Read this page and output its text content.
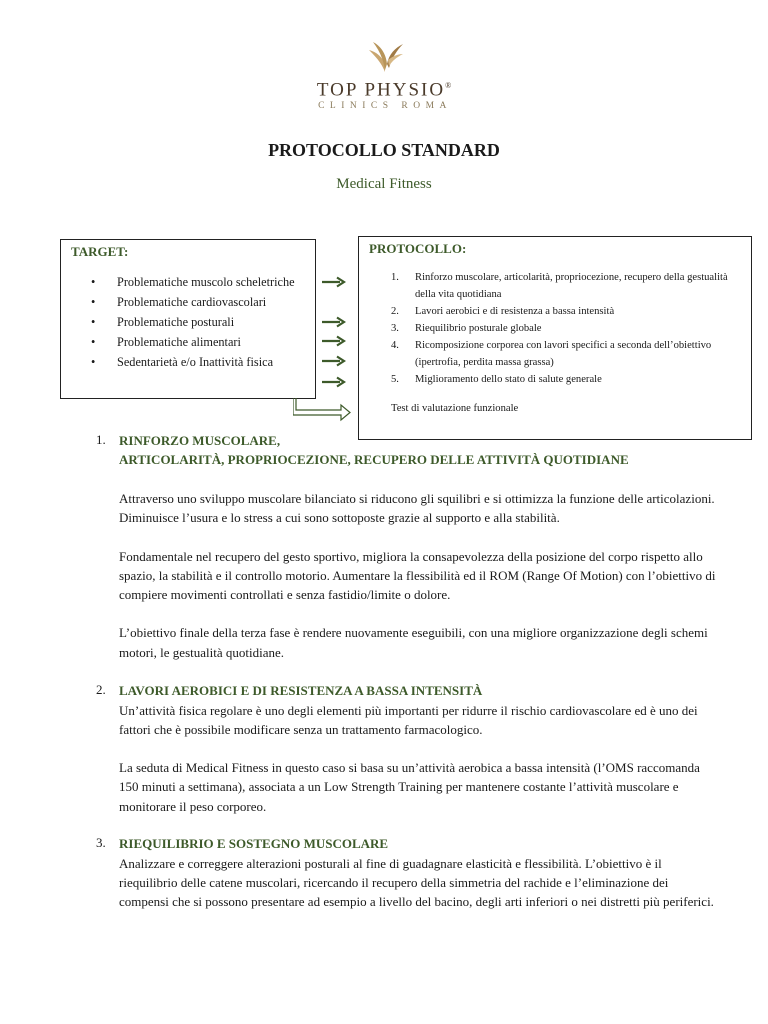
TOP PHYSIO®
CLINICS ROMA
PROTOCOLLO STANDARD
Medical Fitness
TARGET:
• Problematiche muscolo scheletriche
• Problematiche cardiovascolari
• Problematiche posturali
• Problematiche alimentari
• Sedentarietà e/o Inattività fisica
PROTOCOLLO:
1. Rinforzo muscolare, articolarità, propriocezione, recupero della gestualità della vita quotidiana
2. Lavori aerobici e di resistenza a bassa intensità
3. Riequilibrio posturale globale
4. Ricomposizione corporea con lavori specifici a seconda dell’obiettivo (ipertrofia, perdita massa grassa)
5. Miglioramento dello stato di salute generale
Test di valutazione funzionale
1. RINFORZO MUSCOLARE,
ARTICOLARITÀ, PROPRIOCEZIONE, RECUPERO DELLE ATTIVITÀ QUOTIDIANE
Attraverso uno sviluppo muscolare bilanciato si riducono gli squilibri e si ottimizza la funzione delle articolazioni. Diminuisce l’usura e lo stress a cui sono sottoposte grazie al supporto e alla stabilità.
Fondamentale nel recupero del gesto sportivo, migliora la consapevolezza della posizione del corpo rispetto allo spazio, la stabilità e il controllo motorio. Aumentare la flessibilità ed il ROM (Range Of Motion) con l’obiettivo di compiere movimenti controllati e senza fastidio/limite o dolore.
L’obiettivo finale della terza fase è rendere nuovamente eseguibili, con una migliore organizzazione degli schemi motori, le gestualità quotidiane.
2. LAVORI AEROBICI E DI RESISTENZA A BASSA INTENSITÀ
Un’attività fisica regolare è uno degli elementi più importanti per ridurre il rischio cardiovascolare ed è uno dei fattori che è possibile modificare senza un trattamento farmacologico.
La seduta di Medical Fitness in questo caso si basa su un’attività aerobica a bassa intensità (l’OMS raccomanda 150 minuti a settimana), associata a un Low Strength Training per mantenere costante l’attività muscolare e monitorare il peso corporeo.
3. RIEQUILIBRIO E SOSTEGNO MUSCOLARE
Analizzare e correggere alterazioni posturali al fine di guadagnare elasticità e flessibilità. L’obiettivo è il riequilibrio delle catene muscolari, ricercando il recupero della simmetria del rachide e l’eliminazione dei compensi che si possono presentare ad esempio a livello del bacino, degli arti inferiori o nei distretti più periferici.
